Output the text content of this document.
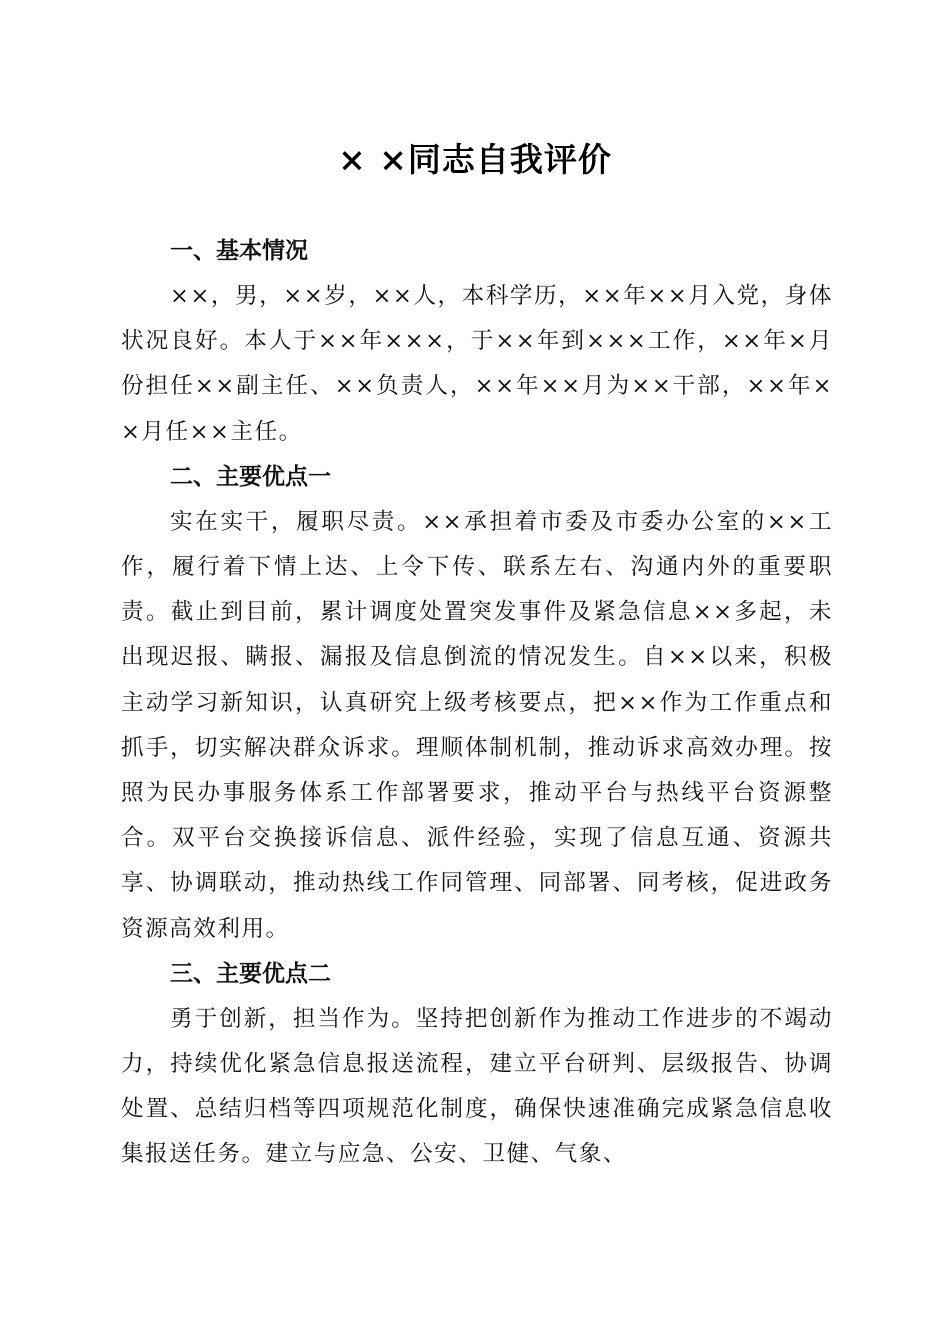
× ×同志自我评价

一、基本情况

××，男，××岁，××人，本科学历，××年××月入党，身体状况良好。本人于××年×××，于××年到×××工作，××年×月份担任××副主任、××负责人，××年××月为××干部，××年××月任××主任。

二、主要优点一

实在实干，履职尽责。××承担着市委及市委办公室的××工作，履行着下情上达、上令下传、联系左右、沟通内外的重要职责。截止到目前，累计调度处置突发事件及紧急信息××多起，未出现迟报、瞒报、漏报及信息倒流的情况发生。自××以来，积极主动学习新知识，认真研究上级考核要点，把××作为工作重点和抓手，切实解决群众诉求。理顺体制机制，推动诉求高效办理。按照为民办事服务体系工作部署要求，推动平台与热线平台资源整合。双平台交换接诉信息、派件经验，实现了信息互通、资源共享、协调联动，推动热线工作同管理、同部署、同考核，促进政务资源高效利用。

三、主要优点二

勇于创新，担当作为。坚持把创新作为推动工作进步的不竭动力，持续优化紧急信息报送流程，建立平台研判、层级报告、协调处置、总结归档等四项规范化制度，确保快速准确完成紧急信息收集报送任务。建立与应急、公安、卫健、气象、
